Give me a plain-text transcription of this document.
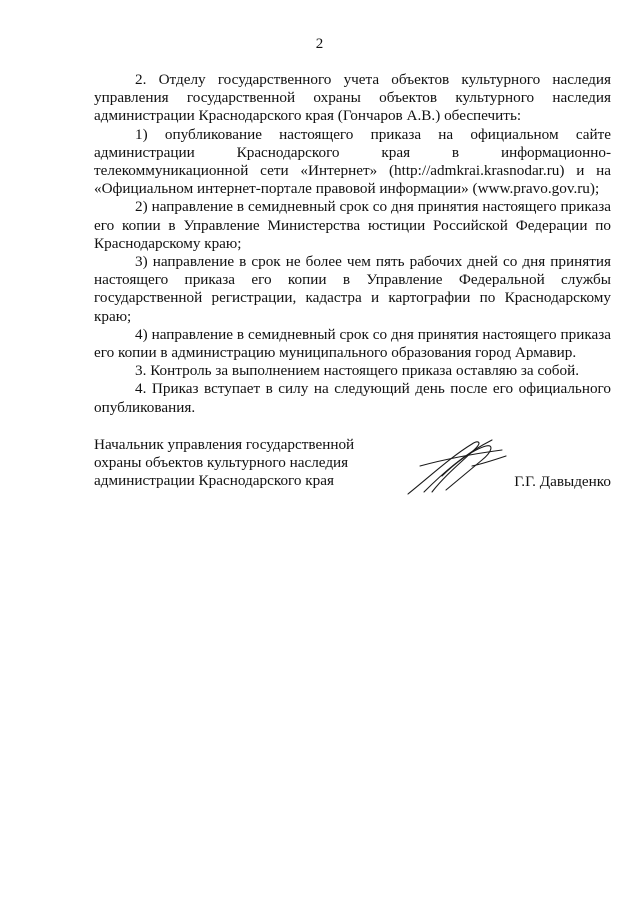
2

2. Отделу государственного учета объектов культурного наследия управления государственной охраны объектов культурного наследия администрации Краснодарского края (Гончаров А.В.) обеспечить:

1) опубликование настоящего приказа на официальном сайте администрации Краснодарского края в информационно-телекоммуникационной сети «Интернет» (http://admkrai.krasnodar.ru) и на «Официальном интернет-портале правовой информации» (www.pravo.gov.ru);

2) направление в семидневный срок со дня принятия настоящего приказа его копии в Управление Министерства юстиции Российской Федерации по Краснодарскому краю;

3) направление в срок не более чем пять рабочих дней со дня принятия настоящего приказа его копии в Управление Федеральной службы государственной регистрации, кадастра и картографии по Краснодарскому краю;

4) направление в семидневный срок со дня принятия настоящего приказа его копии в администрацию муниципального образования город Армавир.

3. Контроль за выполнением настоящего приказа оставляю за собой.

4. Приказ вступает в силу на следующий день после его официального опубликования.

Начальник управления государственной
охраны объектов культурного наследия
администрации Краснодарского края	Г.Г. Давыденко
